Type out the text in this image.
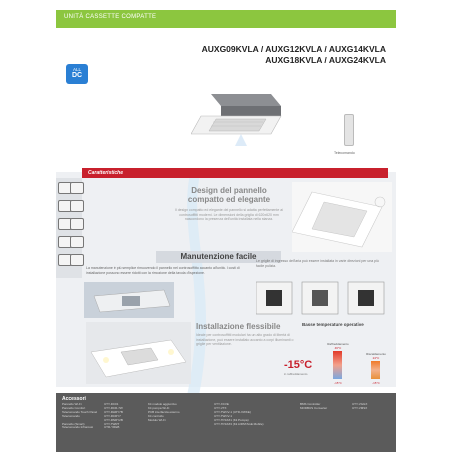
UNITÀ CASSETTE COMPATTE
ALL
DC
AUXG09KVLA / AUXG12KVLA / AUXG14KVLA
AUXG18KVLA / AUXG24KVLA
Telecomando
Caratteristiche
Design del pannello compatto ed elegante
Il design compatto ed elegante del pannello si adatta perfettamente ai controsoffitti moderni. Le dimensioni della griglia di 620x620 mm nascondono la presenza dell'unità installata nella stanza.
Manutenzione facile
La manutenzione è più semplice rimuovendo il pannello nel controsoffitto accanto all'unità. I costi di installazione possono essere ridotti con la rimozione della tavola d'ispezione.
Le griglie di ingresso dell'aria può essere installata in varie direzioni per una più facile pulizia.
Installazione flessibile
Ideale per controsoffitti modulari ha un alto grado di libertà di installazione, può essere installato accanto a corpi illuminanti o griglie per ventilazione.
Basse temperature operative
-15°C
in raffreddamento
Raffreddamento
46°C
-15°C
Riscaldamento
24°C
-15°C
Accessori
Pannello Wi-Fi
Pannello Comfort
Telecomando Touch Panel
Telecomando

Pannello (Smart)
Telecomando Infrarossi
UTY-DC01
UTY-RCR-7W
UTY-RHRY7B
UTY-RCRY7
UTY-RNRY2B
UTY-TWRT
UTR-YREB
Kit modulo aggiuntivo
Kit pompa Wi-Fi
PCB interfaccia esterno
Kit controllo
Modulo Wi-Fi
UTY-XCVE
UTY-VTX
UTY-TWCV-1 (UTD-XWKE)
UTY-TWCV-1
UTY-TFSXZ1 (Kit Pompa)
UTY-TFSXZ3 (Kit AIRSTAGE Mobile)
BMS Controller
MODBUS Converter
UTY-VGGX
UTY-VMSX
